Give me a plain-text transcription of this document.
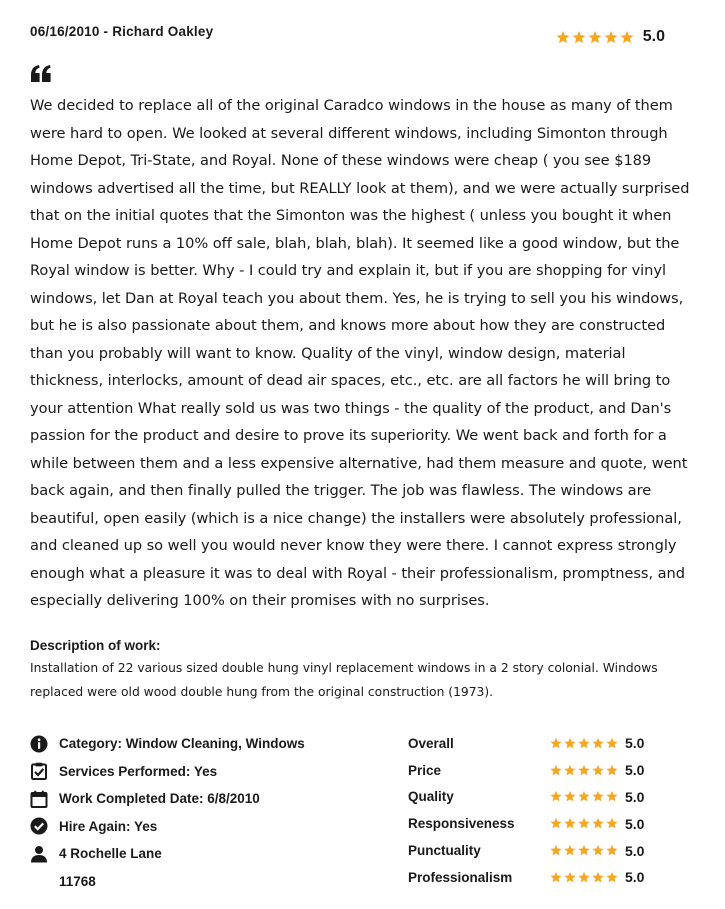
06/16/2010 - Richard Oakley	5.0

We decided to replace all of the original Caradco windows in the house as many of them were hard to open. We looked at several different windows, including Simonton through Home Depot, Tri-State, and Royal. None of these windows were cheap ( you see $189 windows advertised all the time, but REALLY look at them), and we were actually surprised that on the initial quotes that the Simonton was the highest ( unless you bought it when Home Depot runs a 10% off sale, blah, blah, blah). It seemed like a good window, but the Royal window is better. Why - I could try and explain it, but if you are shopping for vinyl windows, let Dan at Royal teach you about them. Yes, he is trying to sell you his windows, but he is also passionate about them, and knows more about how they are constructed than you probably will want to know. Quality of the vinyl, window design, material thickness, interlocks, amount of dead air spaces, etc., etc. are all factors he will bring to your attention What really sold us was two things - the quality of the product, and Dan's passion for the product and desire to prove its superiority. We went back and forth for a while between them and a less expensive alternative, had them measure and quote, went back again, and then finally pulled the trigger. The job was flawless. The windows are beautiful, open easily (which is a nice change) the installers were absolutely professional, and cleaned up so well you would never know they were there. I cannot express strongly enough what a pleasure it was to deal with Royal - their professionalism, promptness, and especially delivering 100% on their promises with no surprises.

Description of work:

Installation of 22 various sized double hung vinyl replacement windows in a 2 story colonial. Windows replaced were old wood double hung from the original construction (1973).

Category: Window Cleaning, Windows
Services Performed: Yes
Work Completed Date: 6/8/2010
Hire Again: Yes
4 Rochelle Lane
11768
Overall	5.0
Price	5.0
Quality	5.0
Responsiveness	5.0
Punctuality	5.0
Professionalism	5.0
